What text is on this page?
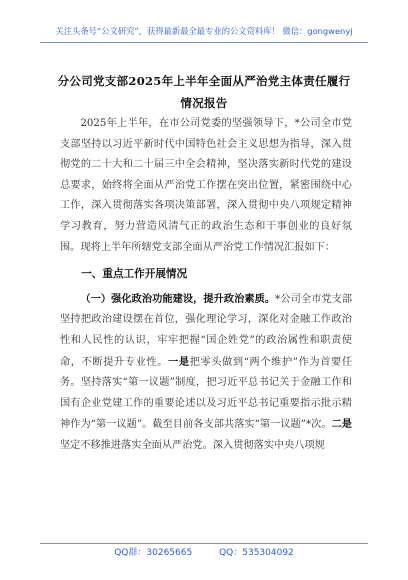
关注头条号“公文研究”，获得最新最全最专业的公文资料库！ 微信：gongwenyj
分公司党支部2025年上半年全面从严治党主体责任履行情况报告

2025年上半年，在市公司党委的坚强领导下，*公司全市党支部坚持以习近平新时代中国特色社会主义思想为指导，深入贯彻党的二十大和二十届三中全会精神，坚决落实新时代党的建设总要求，始终将全面从严治党工作摆在突出位置，紧密围绕中心工作，深入贯彻落实各项决策部署，深入贯彻中央八项规定精神学习教育，努力营造风清气正的政治生态和干事创业的良好氛围。现将上半年所辖党支部全面从严治党工作情况汇报如下：

一、重点工作开展情况

（一）强化政治功能建设，提升政治素质。*公司全市党支部坚持把政治建设摆在首位，强化理论学习，深化对金融工作政治性和人民性的认识，牢牢把握“国企姓党”的政治属性和职责使命，不断提升专业性。一是把零头做到“两个维护”作为首要任务。坚持落实“第一议题”制度，把习近平总书记关于金融工作和国有企业党建工作的重要论述以及习近平总书记重要指示批示精神作为“第一议题”。截至目前各支部共落实“第一议题”*次。二是坚定不移推进落实全面从严治党。深入贯彻落实中央八项规

QQ群：30265665	QQ：535304092
